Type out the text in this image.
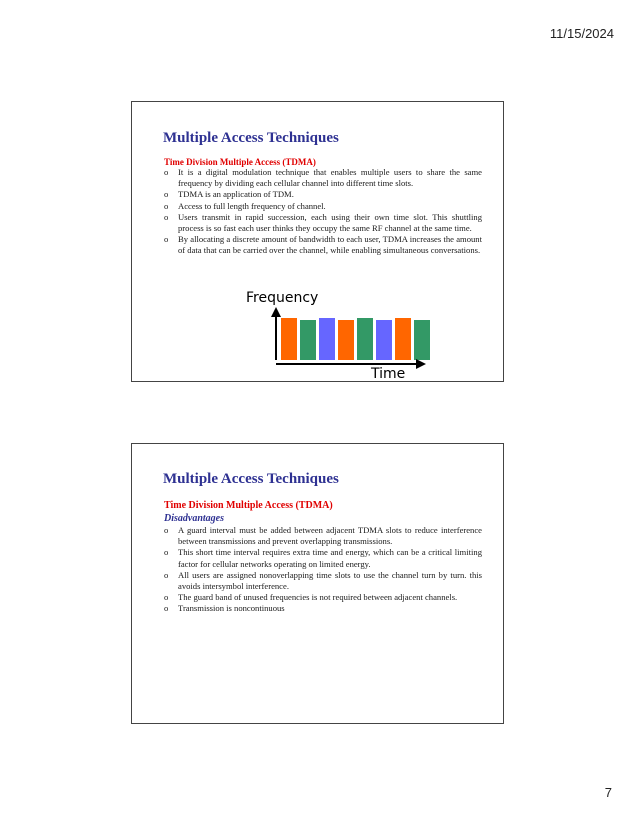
11/15/2024
Multiple Access Techniques
Time Division Multiple Access (TDMA)
o It is a digital modulation technique that enables multiple users to share the same frequency by dividing each cellular channel into different time slots.
o TDMA is an application of TDM.
o Access to full length frequency of channel.
o Users transmit in rapid succession, each using their own time slot. This shuttling process is so fast each user thinks they occupy the same RF channel at the same time.
o By allocating a discrete amount of bandwidth to each user, TDMA increases the amount of data that can be carried over the channel, while enabling simultaneous conversations.
Frequency
Time
Multiple Access Techniques
Time Division Multiple Access (TDMA)
Disadvantages
o A guard interval must be added between adjacent TDMA slots to reduce interference between transmissions and prevent overlapping transmissions.
o This short time interval requires extra time and energy, which can be a critical limiting factor for cellular networks operating on limited energy.
o All users are assigned nonoverlapping time slots to use the channel turn by turn. this avoids intersymbol interference.
o The guard band of unused frequencies is not required between adjacent channels.
o Transmission is noncontinuous
7
